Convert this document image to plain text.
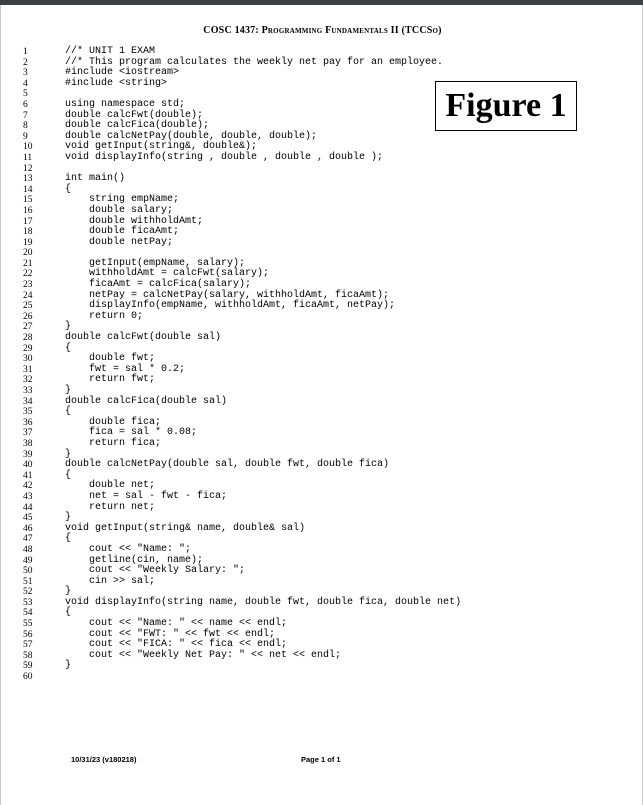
COSC 1437: Programming Fundamentals II (TCCSo)
1	//* UNIT 1 EXAM
2	//* This program calculates the weekly net pay for an employee.
3	#include <iostream>
4	#include <string>
5
6	using namespace std;
7	double calcFwt(double);
8	double calcFica(double);
9	double calcNetPay(double, double, double);
10	void getInput(string&, double&);
11	void displayInfo(string , double , double , double );
12
13	int main()
14	{
15	string empName;
16	double salary;
17	double withholdAmt;
18	double ficaAmt;
19	double netPay;
20
21	getInput(empName, salary);
22	withholdAmt = calcFwt(salary);
23	ficaAmt = calcFica(salary);
24	netPay = calcNetPay(salary, withholdAmt, ficaAmt);
25	displayInfo(empName, withholdAmt, ficaAmt, netPay);
26	return 0;
27	}
28	double calcFwt(double sal)
29	{
30	double fwt;
31	fwt = sal * 0.2;
32	return fwt;
33	}
34	double calcFica(double sal)
35	{
36	double fica;
37	fica = sal * 0.08;
38	return fica;
39	}
40	double calcNetPay(double sal, double fwt, double fica)
41	{
42	double net;
43	net = sal - fwt - fica;
44	return net;
45	}
46	void getInput(string& name, double& sal)
47	{
48	cout << "Name: ";
49	getline(cin, name);
50	cout << "Weekly Salary: ";
51	cin >> sal;
52	}
53	void displayInfo(string name, double fwt, double fica, double net)
54	{
55	cout << "Name: " << name << endl;
56	cout << "FWT: " << fwt << endl;
57	cout << "FICA: " << fica << endl;
58	cout << "Weekly Net Pay: " << net << endl;
59	}
60
Figure 1
10/31/23 (v180218)	Page 1 of 1
